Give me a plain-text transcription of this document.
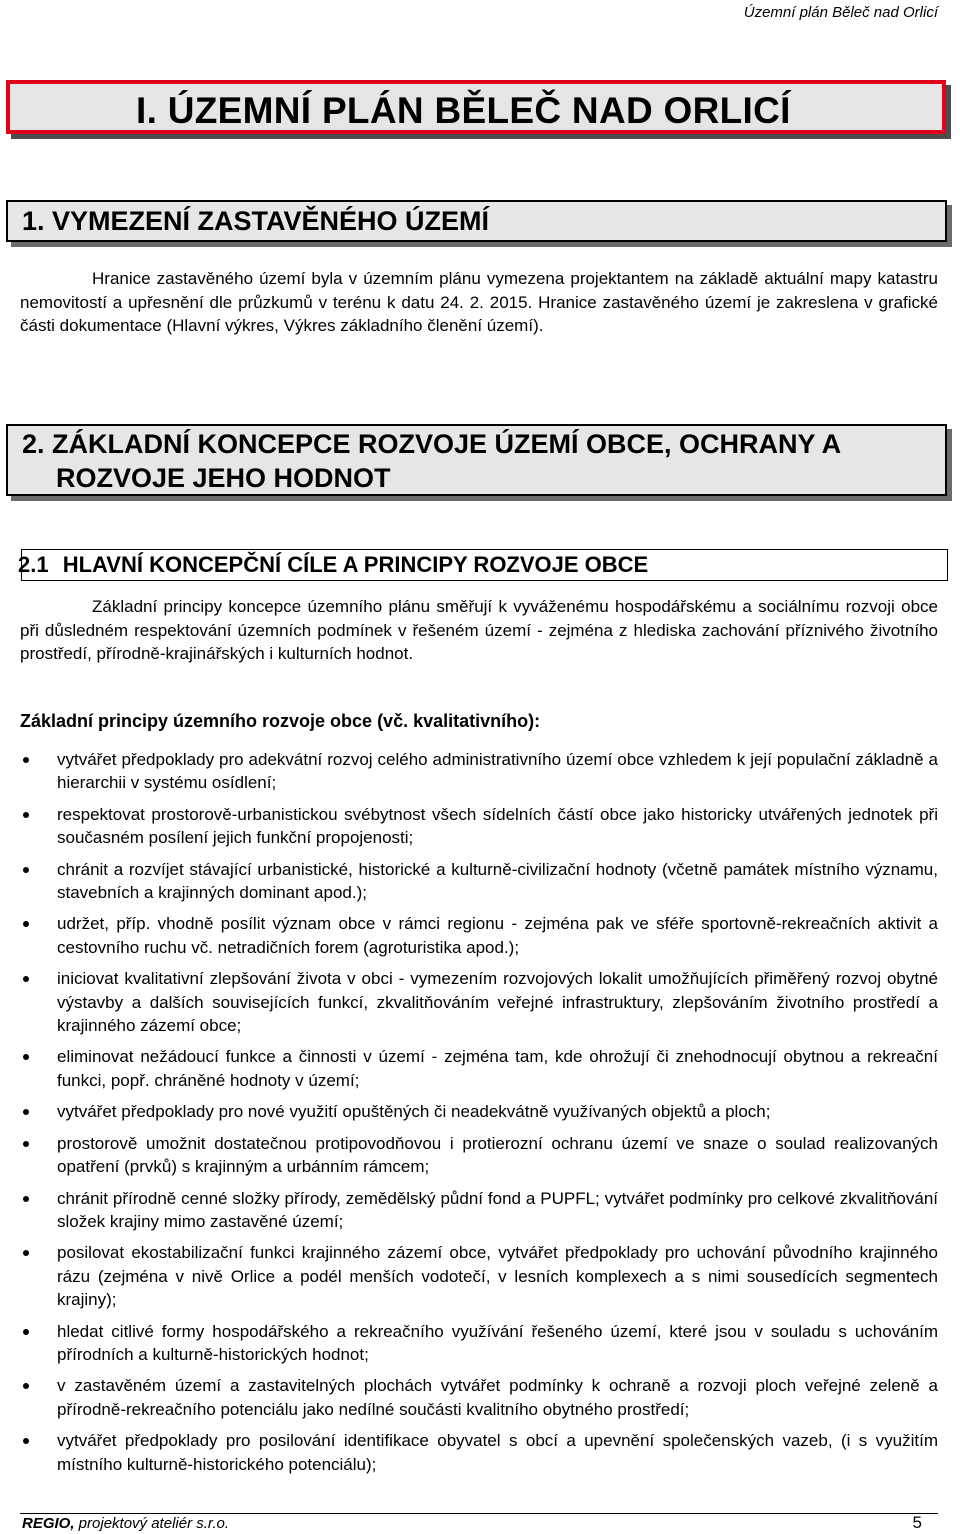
Územní plán Běleč nad Orlicí
I. ÚZEMNÍ PLÁN BĚLEČ NAD ORLICÍ
1. VYMEZENÍ ZASTAVĚNÉHO ÚZEMÍ

Hranice zastavěného území byla v územním plánu vymezena projektantem na základě aktuální mapy katastru nemovitostí a upřesnění dle průzkumů v terénu k datu 24. 2. 2015. Hranice zastavěného území je zakreslena v grafické části dokumentace (Hlavní výkres, Výkres základního členění území).

2. ZÁKLADNÍ KONCEPCE ROZVOJE ÚZEMÍ OBCE, OCHRANY A
ROZVOJE JEHO HODNOT
2.1 HLAVNÍ KONCEPČNÍ CÍLE A PRINCIPY ROZVOJE OBCE

Základní principy koncepce územního plánu směřují k vyváženému hospodářskému a sociálnímu rozvoji obce při důsledném respektování územních podmínek v řešeném území - zejména z hlediska zachování příznivého životního prostředí, přírodně-krajinářských i kulturních hodnot.

Základní principy územního rozvoje obce (vč. kvalitativního):
vytvářet předpoklady pro adekvátní rozvoj celého administrativního území obce vzhledem k její populační základně a hierarchii v systému osídlení;
respektovat prostorově-urbanistickou svébytnost všech sídelních částí obce jako historicky utvářených jednotek při současném posílení jejich funkční propojenosti;
chránit a rozvíjet stávající urbanistické, historické a kulturně-civilizační hodnoty (včetně památek místního významu, stavebních a krajinných dominant apod.);
udržet, příp. vhodně posílit význam obce v rámci regionu - zejména pak ve sféře sportovně-rekreačních aktivit a cestovního ruchu vč. netradičních forem (agroturistika apod.);
iniciovat kvalitativní zlepšování života v obci - vymezením rozvojových lokalit umožňujících přiměřený rozvoj obytné výstavby a dalších souvisejících funkcí, zkvalitňováním veřejné infrastruktury, zlepšováním životního prostředí a krajinného zázemí obce;
eliminovat nežádoucí funkce a činnosti v území - zejména tam, kde ohrožují či znehodnocují obytnou a rekreační funkci, popř. chráněné hodnoty v území;
vytvářet předpoklady pro nové využití opuštěných či neadekvátně využívaných objektů a ploch;
prostorově umožnit dostatečnou protipovodňovou i protierozní ochranu území ve snaze o soulad realizovaných opatření (prvků) s krajinným a urbánním rámcem;
chránit přírodně cenné složky přírody, zemědělský půdní fond a PUPFL; vytvářet podmínky pro celkové zkvalitňování složek krajiny mimo zastavěné území;
posilovat ekostabilizační funkci krajinného zázemí obce, vytvářet předpoklady pro uchování původního krajinného rázu (zejména v nivě Orlice a podél menších vodotečí, v lesních komplexech a s nimi sousedících segmentech krajiny);
hledat citlivé formy hospodářského a rekreačního využívání řešeného území, které jsou v souladu s uchováním přírodních a kulturně-historických hodnot;
v zastavěném území a zastavitelných plochách vytvářet podmínky k ochraně a rozvoji ploch veřejné zeleně a přírodně-rekreačního potenciálu jako nedílné součásti kvalitního obytného prostředí;
vytvářet předpoklady pro posilování identifikace obyvatel s obcí a upevnění společenských vazeb, (i s využitím místního kulturně-historického potenciálu);
REGIO, projektový ateliér s.r.o.	5
